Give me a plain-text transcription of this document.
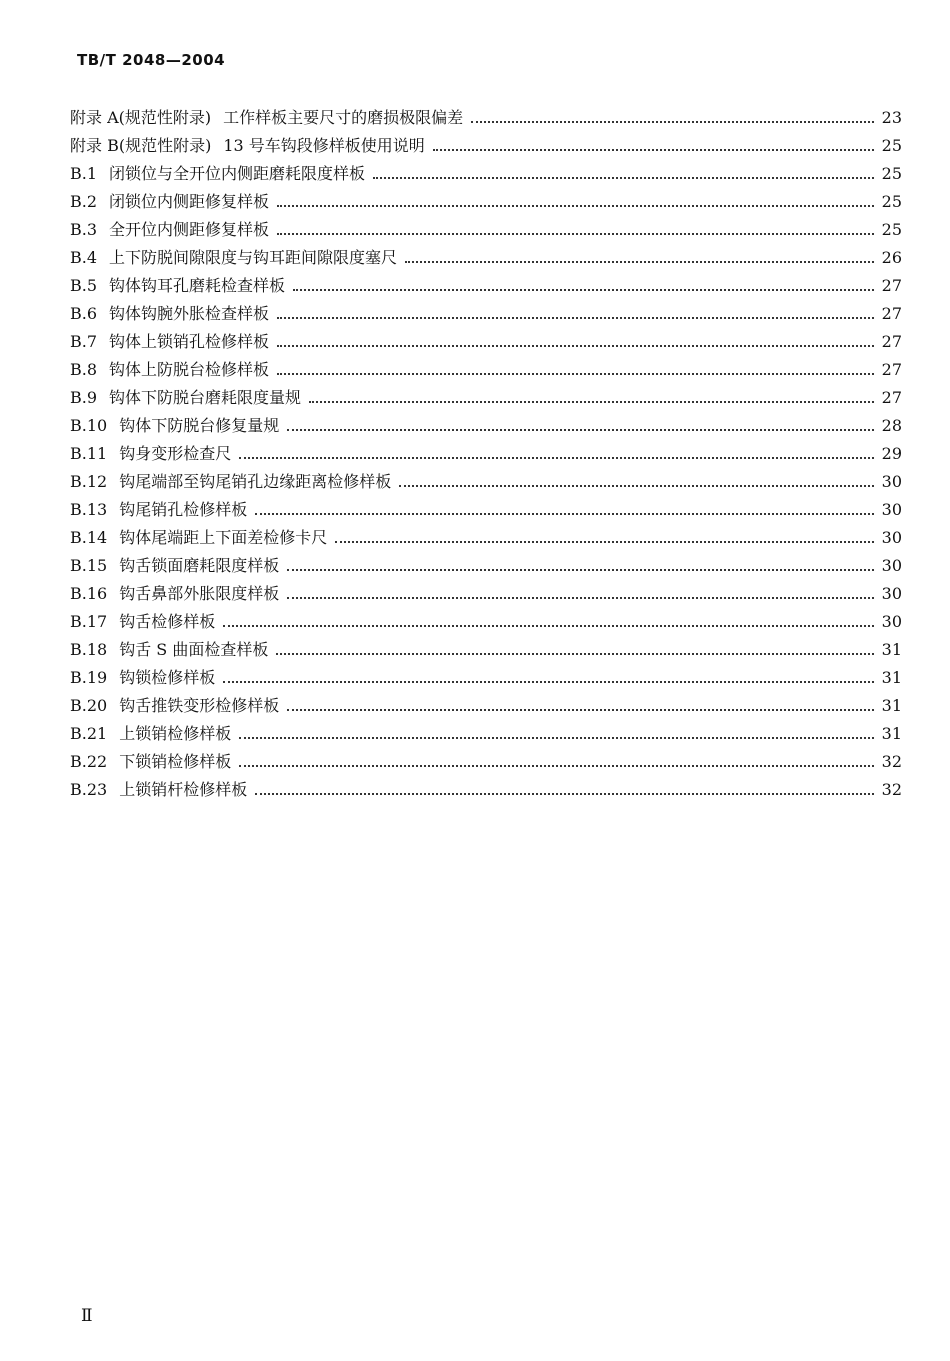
TB/T 2048—2004
附录 A(规范性附录) 工作样板主要尺寸的磨损极限偏差	23
附录 B(规范性附录) 13 号车钩段修样板使用说明	25
B.1 闭锁位与全开位内侧距磨耗限度样板	25
B.2 闭锁位内侧距修复样板	25
B.3 全开位内侧距修复样板	25
B.4 上下防脱间隙限度与钩耳距间隙限度塞尺	26
B.5 钩体钩耳孔磨耗检查样板	27
B.6 钩体钩腕外胀检查样板	27
B.7 钩体上锁销孔检修样板	27
B.8 钩体上防脱台检修样板	27
B.9 钩体下防脱台磨耗限度量规	27
B.10 钩体下防脱台修复量规	28
B.11 钩身变形检查尺	29
B.12 钩尾端部至钩尾销孔边缘距离检修样板	30
B.13 钩尾销孔检修样板	30
B.14 钩体尾端距上下面差检修卡尺	30
B.15 钩舌锁面磨耗限度样板	30
B.16 钩舌鼻部外胀限度样板	30
B.17 钩舌检修样板	30
B.18 钩舌 S 曲面检查样板	31
B.19 钩锁检修样板	31
B.20 钩舌推铁变形检修样板	31
B.21 上锁销检修样板	31
B.22 下锁销检修样板	32
B.23 上锁销杆检修样板	32
Ⅱ
